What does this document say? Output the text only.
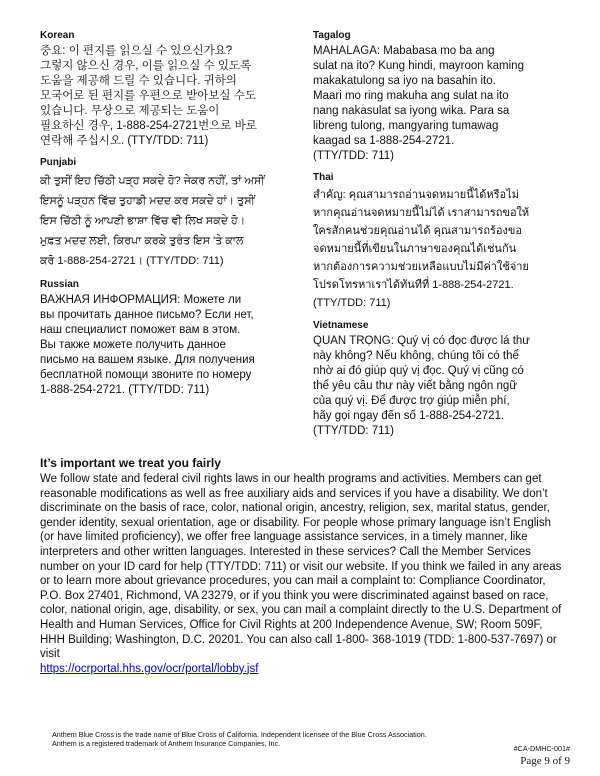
Korean

중요: 이 편지를 읽으실 수 있으신가요?
그렇지 않으신 경우, 이를 읽으실 수 있도록
도움을 제공해 드릴 수 있습니다. 귀하의
모국어로 된 편지를 우편으로 받아보실 수도
있습니다. 무상으로 제공되는 도움이
필요하신 경우, 1-888-254-2721번으로 바로
연락해 주십시오. (TTY/TDD: 711)

Punjabi

ਕੀ ਤੁਸੀਂ ਇਹ ਚਿੱਠੀ ਪੜ੍ਹ ਸਕਦੇ ਹੋ? ਜੇਕਰ ਨਹੀਂ, ਤਾਂ ਅਸੀਂ
ਇਸਨੂੰ ਪੜ੍ਹਨ ਵਿੱਚ ਤੁਹਾਡੀ ਮਦਦ ਕਰ ਸਕਦੇ ਹਾਂ। ਤੁਸੀਂ
ਇਸ ਚਿੱਠੀ ਨੂੰ ਆਪਣੀ ਭਾਸ਼ਾ ਵਿੱਚ ਵੀ ਲਿਖ ਸਕਦੇ ਹੋ।
ਮੁਫ਼ਤ ਮਦਦ ਲਈ, ਕਿਰਪਾ ਕਰਕੇ ਤੁਰੰਤ ਇਸ 'ਤੇ ਕਾਲ
ਕਰੋ 1-888-254-2721। (TTY/TDD: 711)

Russian

ВАЖНАЯ ИНФОРМАЦИЯ: Можете ли
вы прочитать данное письмо? Если нет,
наш специалист поможет вам в этом.
Вы также можете получить данное
письмо на вашем языке. Для получения
бесплатной помощи звоните по номеру
1-888-254-2721. (TTY/TDD: 711)

Tagalog

MAHALAGA: Mababasa mo ba ang
sulat na ito? Kung hindi, mayroon kaming
makakatulong sa iyo na basahin ito.
Maari mo ring makuha ang sulat na ito
nang nakasulat sa iyong wika. Para sa
libreng tulong, mangyaring tumawag
kaagad sa 1-888-254-2721.
(TTY/TDD: 711)

Thai

สำคัญ: คุณสามารถอ่านจดหมายนี้ได้หรือไม่
หากคุณอ่านจดหมายนี้ไม่ได้ เราสามารถขอให้
ใครสักคนช่วยคุณอ่านได้ คุณสามารถร้องขอ
จดหมายนี้ที่เขียนในภาษาของคุณได้เช่นกัน
หากต้องการความช่วยเหลือแบบไม่มีค่าใช้จ่าย
โปรดโทรหาเราได้ทันทีที่ 1-888-254-2721.
(TTY/TDD: 711)

Vietnamese

QUAN TRỌNG: Quý vị có đọc được lá thư
này không? Nếu không, chúng tôi có thể
nhờ ai đó giúp quý vị đọc. Quý vị cũng có
thể yêu cầu thư này viết bằng ngôn ngữ
của quý vị. Để được trợ giúp miễn phí,
hãy gọi ngay đến số 1-888-254-2721.
(TTY/TDD: 711)

It’s important we treat you fairly

We follow state and federal civil rights laws in our health programs and activities. Members can get reasonable modifications as well as free auxiliary aids and services if you have a disability. We don’t discriminate on the basis of race, color, national origin, ancestry, religion, sex, marital status, gender, gender identity, sexual orientation, age or disability. For people whose primary language isn’t English (or have limited proficiency), we offer free language assistance services, in a timely manner, like interpreters and other written languages. Interested in these services? Call the Member Services number on your ID card for help (TTY/TDD: 711) or visit our website. If you think we failed in any areas or to learn more about grievance procedures, you can mail a complaint to: Compliance Coordinator, P.O. Box 27401, Richmond, VA 23279, or if you think you were discriminated against based on race, color, national origin, age, disability, or sex, you can mail a complaint directly to the U.S. Department of Health and Human Services, Office for Civil Rights at 200 Independence Avenue, SW; Room 509F, HHH Building; Washington, D.C. 20201. You can also call 1-800- 368-1019 (TDD: 1-800-537-7697) or visit

https://ocrportal.hhs.gov/ocr/portal/lobby.jsf
Anthem Blue Cross is the trade name of Blue Cross of California. Independent licensee of the Blue Cross Association.
Anthem is a registered trademark of Anthem Insurance Companies, Inc.
#CA-DMHC-001#
Page 9 of 9
